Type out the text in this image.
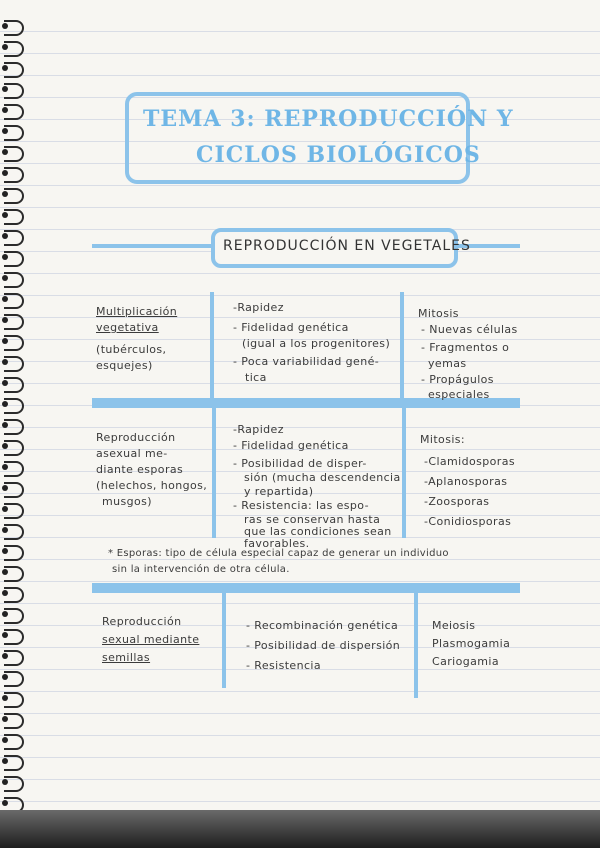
TEMA 3: REPRODUCCIÓN Y
CICLOS BIOLÓGICOS
REPRODUCCIÓN EN VEGETALES
Multiplicación
vegetativa
(tubérculos,
esquejes)
-Rapidez
- Fidelidad genética
(igual a los progenitores)
- Poca variabilidad gené-
tica
Mitosis
- Nuevas células
- Fragmentos o
yemas
- Propágulos
especiales
Reproducción
asexual me-
diante esporas
(helechos, hongos,
musgos)
-Rapidez
- Fidelidad genética
- Posibilidad de disper-
sión (mucha descendencia
y repartida)
- Resistencia: las espo-
ras se conservan hasta
que las condiciones sean
favorables.
Mitosis:
-Clamidosporas
-Aplanosporas
-Zoosporas
-Conidiosporas
* Esporas: tipo de célula especial capaz de generar un individuo
sin la intervención de otra célula.
Reproducción
sexual mediante
semillas
- Recombinación genética
- Posibilidad de dispersión
- Resistencia
Meiosis
Plasmogamia
Cariogamia
